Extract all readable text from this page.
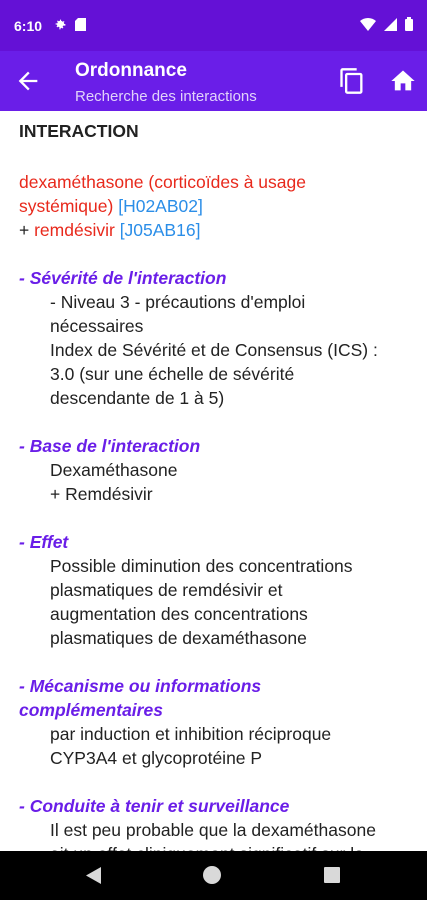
6:10
Ordonnance
Recherche des interactions
INTERACTION
dexaméthasone (corticoïdes à usage
systémique) [H02AB02]
+ remdésivir [J05AB16]
- Sévérité de l'interaction
- Niveau 3 - précautions d'emploi
nécessaires
Index de Sévérité et de Consensus (ICS) :
3.0 (sur une échelle de sévérité
descendante de 1 à 5)
- Base de l'interaction
Dexaméthasone
+ Remdésivir
- Effet
Possible diminution des concentrations
plasmatiques de remdésivir et
augmentation des concentrations
plasmatiques de dexaméthasone
- Mécanisme ou informations
complémentaires
par induction et inhibition réciproque
CYP3A4 et glycoprotéine P
- Conduite à tenir et surveillance
Il est peu probable que la dexaméthasone
